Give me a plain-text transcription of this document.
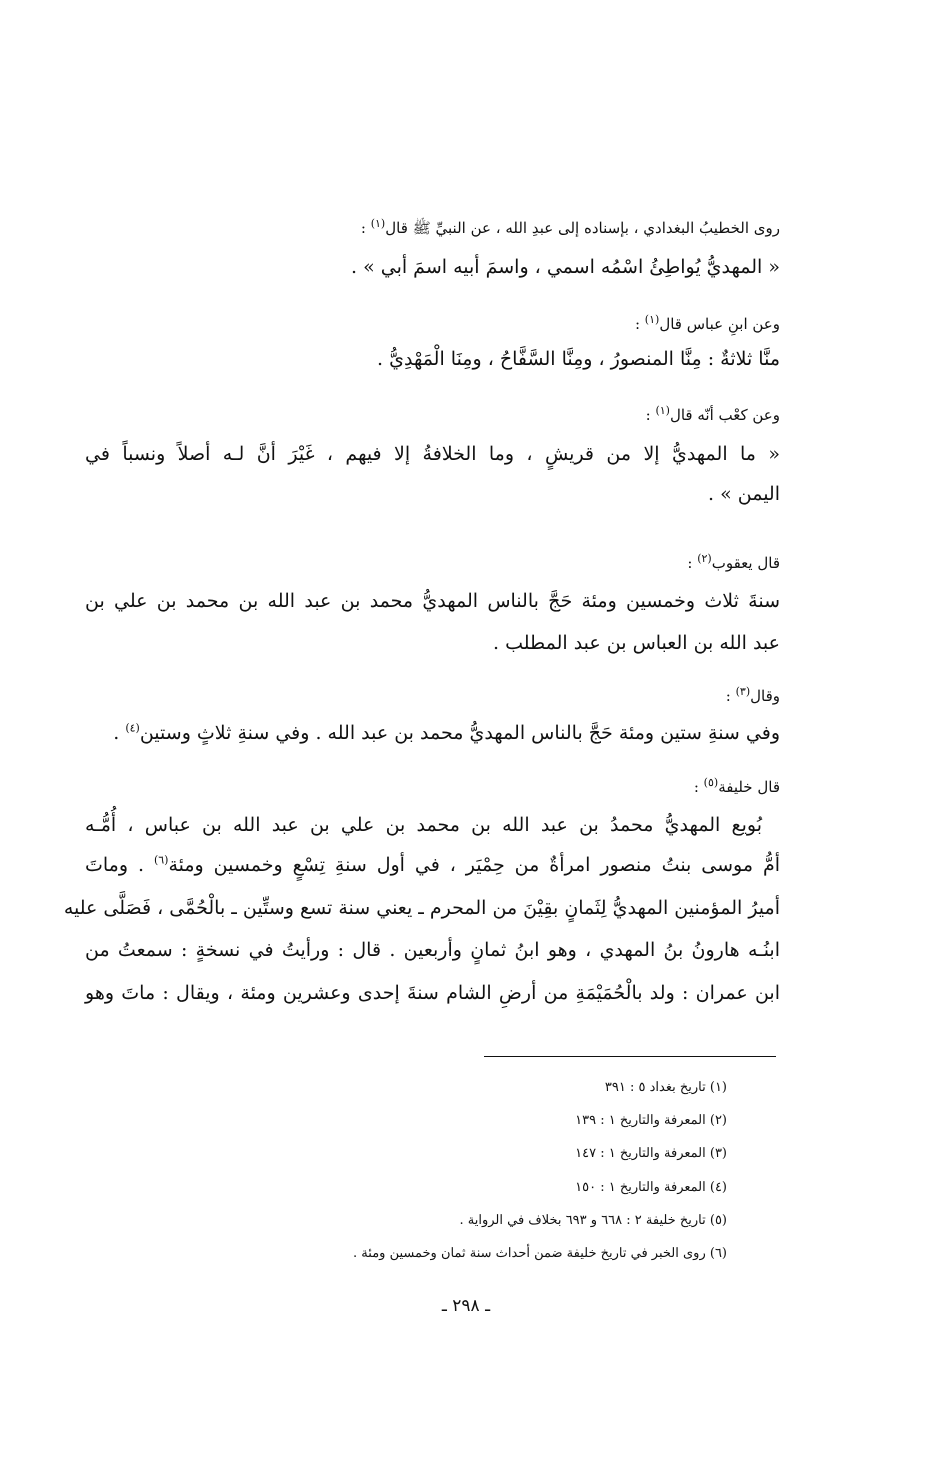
روى الخطيبُ البغدادي ، بإسناده إلى عبدِ الله ، عن النبيِّ ﷺ قال$^{(١)}$ :
« المهديُّ يُواطِئُ اسْمُه اسمي ، واسمَ أبيه اسمَ أبي » .
وعن ابنِ عباس قال$^{(١)}$ :
منَّا ثلاثةٌ : مِنَّا المنصورُ ، ومِنَّا السَّفَّاحُ ، ومِنَا الْمَهْدِيُّ .
وعن كعْب أنّه قال$^{(١)}$ :
« ما المهديُّ إلا من قريشٍ ، وما الخلافةُ إلا فيهم ، غَيْرَ أنَّ لـه أصلاً ونسباً في
اليمن » .
قال يعقوب$^{(٢)}$ :
سنةَ ثلاث وخمسين ومئة حَجَّ بالناس المهديُّ محمد بن عبد الله بن محمد بن علي بن
عبد الله بن العباس بن عبد المطلب .
وقال$^{(٣)}$ :
وفي سنةِ ستين ومئة حَجَّ بالناس المهديُّ محمد بن عبد الله . وفي سنةِ ثلاثٍ وستين$^{(٤)}$ .
قال خليفة$^{(٥)}$ :
بُويع المهديُّ محمدُ بن عبد الله بن محمد بن علي بن عبد الله بن عباس ، أُمُّـه
أمُّ موسى بنتُ منصور امرأةٌ من حِمْيَر ، في أول سنةِ تِسْعٍ وخمسين ومئة$^{(٦)}$ . وماتَ
أميرُ المؤمنين المهديُّ لِثَمانٍ بقِيْنَ من المحرم ـ يعني سنة تسع وستِّين ـ بالْحُمَّى ، فَصَلَّى عليه
ابنُـه هارونُ بنُ المهدي ، وهو ابنُ ثمانٍ وأربعين . قال : ورأيتُ في نسخةٍ : سمعتُ من
ابن عمران : ولد بالْحُمَيْمَةِ من أرضِ الشام سنةَ إحدى وعشرين ومئة ، ويقال : ماتَ وهو
(١) تاريخ بغداد ٥ : ٣٩١
(٢) المعرفة والتاريخ ١ : ١٣٩
(٣) المعرفة والتاريخ ١ : ١٤٧
(٤) المعرفة والتاريخ ١ : ١٥٠
(٥) تاريخ خليفة ٢ : ٦٦٨ و ٦٩٣ بخلاف في الرواية .
(٦) روى الخبر في تاريخ خليفة ضمن أحداث سنة ثمان وخمسين ومئة .
ـ ٢٩٨ ـ
